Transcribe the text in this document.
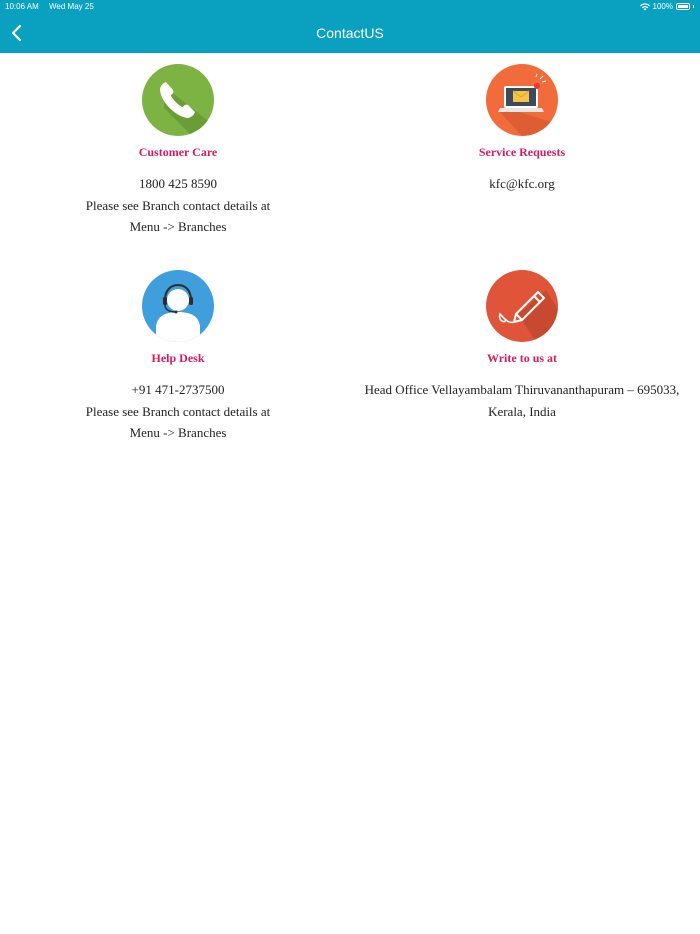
10:06 AM Wed May 25	100%
ContactUS
Customer Care
1800 425 8590
Please see Branch contact details at
Menu -> Branches
Service Requests
kfc@kfc.org
Help Desk
+91 471-2737500
Please see Branch contact details at
Menu -> Branches
Write to us at
Head Office Vellayambalam Thiruvananthapuram – 695033,
Kerala, India
